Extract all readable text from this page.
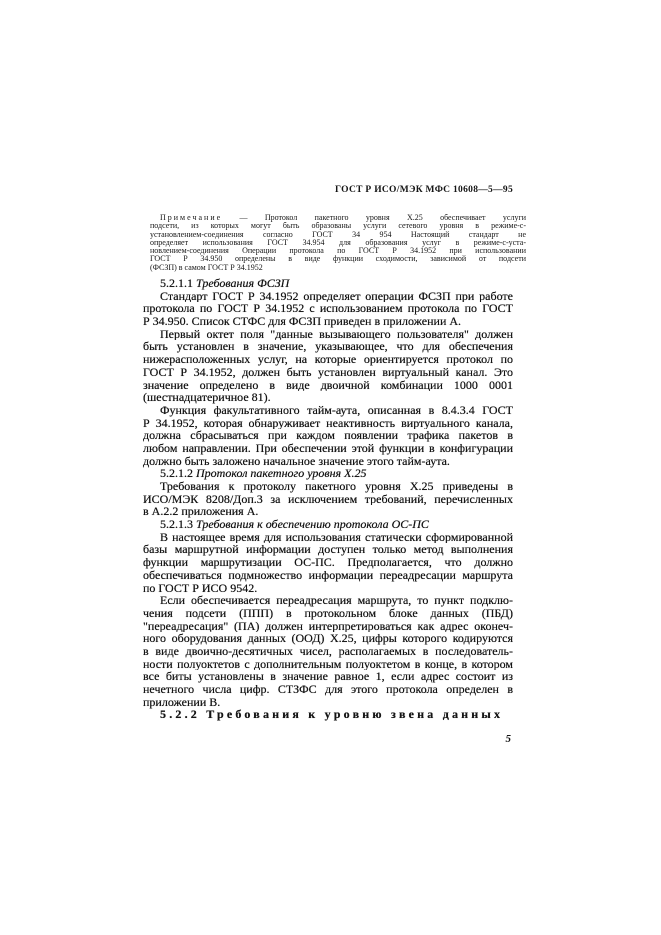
ГОСТ Р ИСО/МЭК МФС 10608—5—95
Примечание — Протокол пакетного уровня X.25 обеспечивает услуги
подсети, из которых могут быть образованы услуги сетевого уровня в режиме-с-
установлением-соединения согласно ГОСТ 34 954 Настоящий стандарт не
определяет использования ГОСТ 34.954 для образования услуг в режиме-с-уста-
новлением-соединения Операции протокола по ГОСТ Р 34.1952 при использовании
ГОСТ Р 34.950 определены в виде функции сходимости, зависимой от подсети
(ФСЗП) в самом ГОСТ Р 34.1952
5.2.1.1 Требования ФСЗП
Стандарт ГОСТ Р 34.1952 определяет операции ФСЗП при работе
протокола по ГОСТ Р 34.1952 с использованием протокола по ГОСТ
Р 34.950. Список СТФС для ФСЗП приведен в приложении А.
Первый октет поля "данные вызывающего пользователя" должен
быть установлен в значение, указывающее, что для обеспечения
нижерасположенных услуг, на которые ориентируется протокол по
ГОСТ Р 34.1952, должен быть установлен виртуальный канал. Это
значение определено в виде двоичной комбинации 1000 0001
(шестнадцатеричное 81).
Функция факультативного тайм-аута, описанная в 8.4.3.4 ГОСТ
Р 34.1952, которая обнаруживает неактивность виртуального канала,
должна сбрасываться при каждом появлении трафика пакетов в
любом направлении. При обеспечении этой функции в конфигурации
должно быть заложено начальное значение этого тайм-аута.
5.2.1.2 Протокол пакетного уровня X.25
Требования к протоколу пакетного уровня X.25 приведены в
ИСО/МЭК 8208/Доп.3 за исключением требований, перечисленных
в А.2.2 приложения А.
5.2.1.3 Требования к обеспечению протокола ОС-ПС
В настоящее время для использования статически сформированной
базы маршрутной информации доступен только метод выполнения
функции маршрутизации ОС-ПС. Предполагается, что должно
обеспечиваться подмножество информации переадресации маршрута
по ГОСТ Р ИСО 9542.
Если обеспечивается переадресация маршрута, то пункт подклю-
чения подсети (ППП) в протокольном блоке данных (ПБД)
"переадресация" (ПА) должен интерпретироваться как адрес оконеч-
ного оборудования данных (ООД) X.25, цифры которого кодируются
в виде двоично-десятичных чисел, располагаемых в последователь-
ности полуоктетов с дополнительным полуоктетом в конце, в котором
все биты установлены в значение равное 1, если адрес состоит из
нечетного числа цифр. СТЗФС для этого протокола определен в
приложении В.
5.2.2 Требования к уровню звена данных
5
